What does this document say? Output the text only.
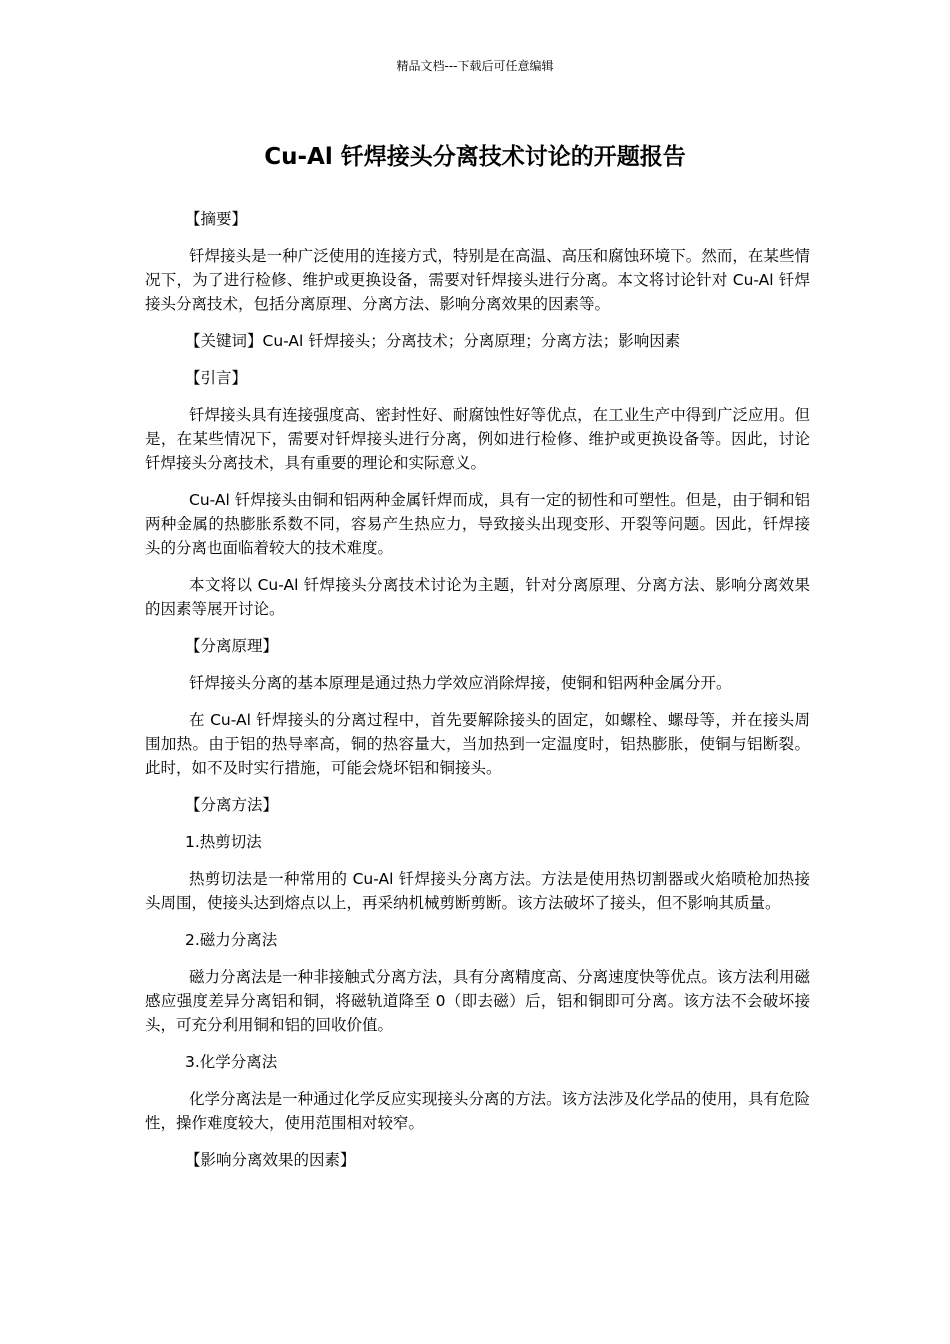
精品文档---下载后可任意编辑
Cu-Al 钎焊接头分离技术讨论的开题报告

【摘要】

钎焊接头是一种广泛使用的连接方式，特别是在高温、高压和腐蚀环境下。然而，在某些情况下，为了进行检修、维护或更换设备，需要对钎焊接头进行分离。本文将讨论针对 Cu-Al 钎焊接头分离技术，包括分离原理、分离方法、影响分离效果的因素等。

【关键词】Cu-Al 钎焊接头；分离技术；分离原理；分离方法；影响因素

【引言】

钎焊接头具有连接强度高、密封性好、耐腐蚀性好等优点，在工业生产中得到广泛应用。但是，在某些情况下，需要对钎焊接头进行分离，例如进行检修、维护或更换设备等。因此，讨论钎焊接头分离技术，具有重要的理论和实际意义。

Cu-Al 钎焊接头由铜和铝两种金属钎焊而成，具有一定的韧性和可塑性。但是，由于铜和铝两种金属的热膨胀系数不同，容易产生热应力，导致接头出现变形、开裂等问题。因此，钎焊接头的分离也面临着较大的技术难度。

本文将以 Cu-Al 钎焊接头分离技术讨论为主题，针对分离原理、分离方法、影响分离效果的因素等展开讨论。

【分离原理】

钎焊接头分离的基本原理是通过热力学效应消除焊接，使铜和铝两种金属分开。

在 Cu-Al 钎焊接头的分离过程中，首先要解除接头的固定，如螺栓、螺母等，并在接头周围加热。由于铝的热导率高，铜的热容量大，当加热到一定温度时，铝热膨胀，使铜与铝断裂。此时，如不及时实行措施，可能会烧坏铝和铜接头。

【分离方法】

1.热剪切法

热剪切法是一种常用的 Cu-Al 钎焊接头分离方法。方法是使用热切割器或火焰喷枪加热接头周围，使接头达到熔点以上，再采纳机械剪断剪断。该方法破坏了接头，但不影响其质量。

2.磁力分离法

磁力分离法是一种非接触式分离方法，具有分离精度高、分离速度快等优点。该方法利用磁感应强度差异分离铝和铜，将磁轨道降至 0（即去磁）后，铝和铜即可分离。该方法不会破坏接头，可充分利用铜和铝的回收价值。

3.化学分离法

化学分离法是一种通过化学反应实现接头分离的方法。该方法涉及化学品的使用，具有危险性，操作难度较大，使用范围相对较窄。

【影响分离效果的因素】
